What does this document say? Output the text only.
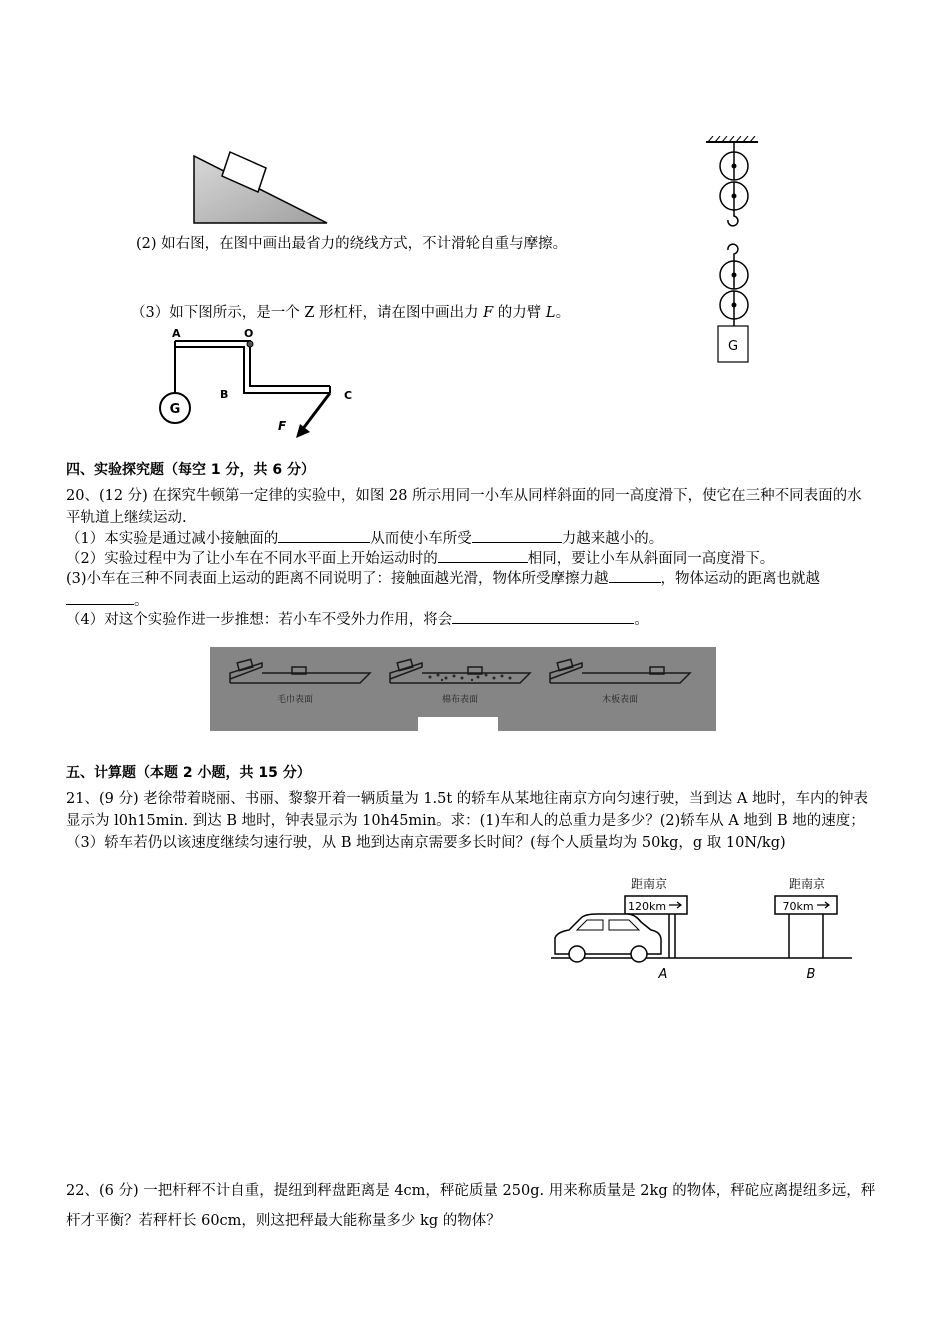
G
(2) 如右图，在图中画出最省力的绕线方式，不计滑轮自重与摩擦。
（3）如下图所示，是一个 Z 形杠杆，请在图中画出力 F 的力臂 L。
G
A	O
B	C
F
四、实验探究题（每空 1 分，共 6 分）
20、(12 分) 在探究牛顿第一定律的实验中，如图 28 所示用同一小车从同样斜面的同一高度滑下，使它在三种不同表面的水平轨道上继续运动.
（1）本实验是通过减小接触面的	从而使小车所受	力越来越小的。
（2）实验过程中为了让小车在不同水平面上开始运动时的	相同，要让小车从斜面同一高度滑下。
(3)小车在三种不同表面上运动的距离不同说明了：接触面越光滑，物体所受摩擦力越	，物体运动的距离也就越。
（4）对这个实验作进一步推想：若小车不受外力作用，将会	。
毛巾表面	棉布表面	木板表面
五、计算题（本题 2 小题，共 15 分）
21、(9 分) 老徐带着晓丽、书丽、黎黎开着一辆质量为 1.5t 的轿车从某地往南京方向匀速行驶，当到达 A 地时，车内的钟表显示为 l0h15min. 到达 B 地时，钟表显示为 10h45min。求：(1)车和人的总重力是多少？(2)轿车从 A 地到 B 地的速度； （3）轿车若仍以该速度继续匀速行驶，从 B 地到达南京需要多长时间？(每个人质量均为 50kg，g 取 10N/kg)
距南京
120km
A
距南京
70km
B
22、(6 分) 一把杆秤不计自重，提纽到秤盘距离是 4cm，秤砣质量 250g. 用来称质量是 2kg 的物体，秤砣应离提纽多远，秤杆才平衡？若秤杆长 60cm，则这把秤最大能称量多少 kg 的物体？
